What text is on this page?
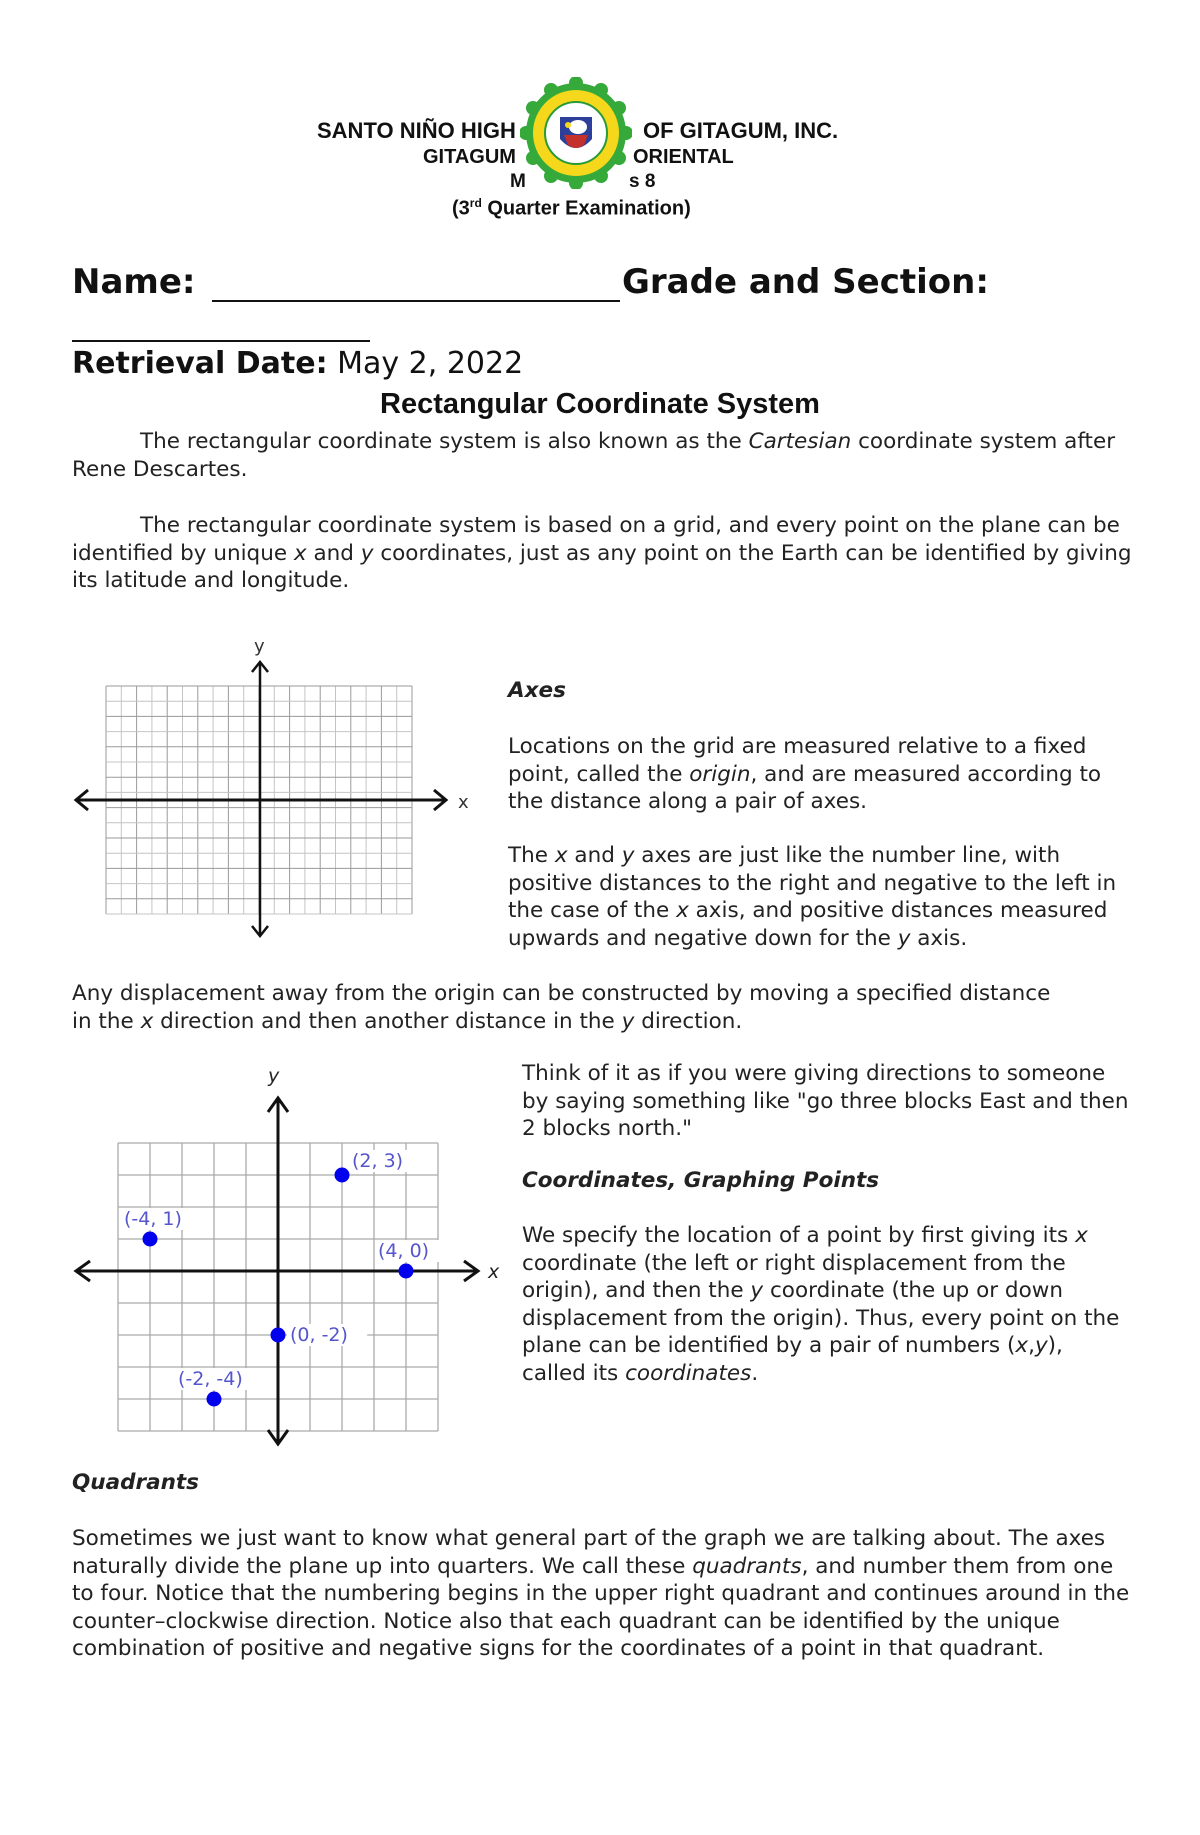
SANTO NIÑO HIGH	OF GITAGUM, INC.
GITAGUM	ORIENTAL
M	s 8
(3rd Quarter Examination)
Name:	Grade and Section:
Retrieval Date: May 2, 2022
Rectangular Coordinate System

The rectangular coordinate system is also known as the Cartesian coordinate system after Rene Descartes.

The rectangular coordinate system is based on a grid, and every point on the plane can be identified by unique x and y coordinates, just as any point on the Earth can be identified by giving its latitude and longitude.

x
y
Axes

Locations on the grid are measured relative to a fixed point, called the origin, and are measured according to the distance along a pair of axes.

The x and y axes are just like the number line, with positive distances to the right and negative to the left in the case of the x axis, and positive distances measured upwards and negative down for the y axis.

Any displacement away from the origin can be constructed by moving a specified distance in the x direction and then another distance in the y direction.

x
y
(2, 3)
(-4, 1)
(4, 0)
(0, -2)
(-2, -4)
Think of it as if you were giving directions to someone by saying something like "go three blocks East and then 2 blocks north."
Coordinates, Graphing Points

We specify the location of a point by first giving its x coordinate (the left or right displacement from the origin), and then the y coordinate (the up or down displacement from the origin). Thus, every point on the plane can be identified by a pair of numbers (x,y), called its coordinates.

Quadrants

Sometimes we just want to know what general part of the graph we are talking about. The axes naturally divide the plane up into quarters. We call these quadrants, and number them from one to four. Notice that the numbering begins in the upper right quadrant and continues around in the counter–clockwise direction. Notice also that each quadrant can be identified by the unique combination of positive and negative signs for the coordinates of a point in that quadrant.
